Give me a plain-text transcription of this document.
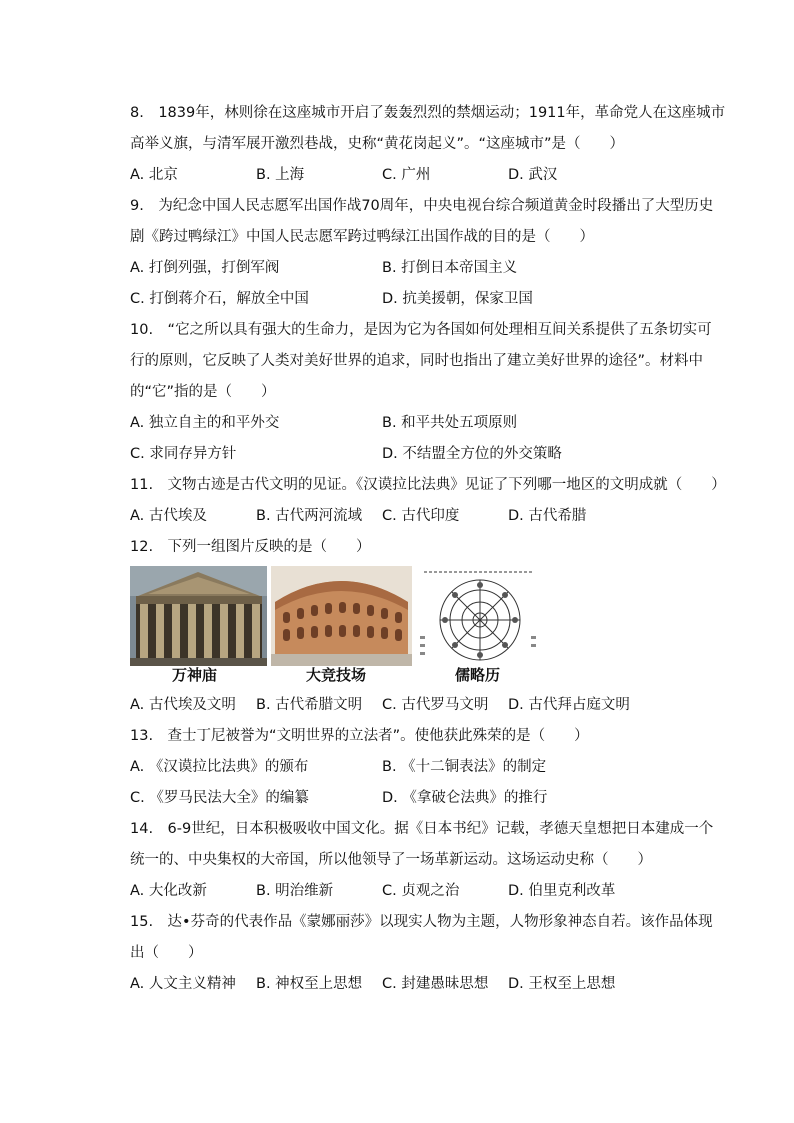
8.　1839年，林则徐在这座城市开启了轰轰烈烈的禁烟运动；1911年，革命党人在这座城市
高举义旗，与清军展开激烈巷战，史称“黄花岗起义”。“这座城市”是（　　）
A. 北京	B. 上海	C. 广州	D. 武汉
9.　为纪念中国人民志愿军出国作战70周年，中央电视台综合频道黄金时段播出了大型历史
剧《跨过鸭绿江》中国人民志愿军跨过鸭绿江出国作战的目的是（　　）
A. 打倒列强，打倒军阀	B. 打倒日本帝国主义
C. 打倒蒋介石，解放全中国	D. 抗美援朝，保家卫国
10.　“它之所以具有强大的生命力，是因为它为各国如何处理相互间关系提供了五条切实可
行的原则，它反映了人类对美好世界的追求，同时也指出了建立美好世界的途径”。材料中
的“它”指的是（　　）
A. 独立自主的和平外交	B. 和平共处五项原则
C. 求同存异方针	D. 不结盟全方位的外交策略
11.　文物古迹是古代文明的见证。《汉谟拉比法典》见证了下列哪一地区的文明成就（　　）
A. 古代埃及	B. 古代两河流域 C. 古代印度	D. 古代希腊
12.　下列一组图片反映的是（　　）
万神庙	大竞技场	儒略历
A. 古代埃及文明 B. 古代希腊文明 C. 古代罗马文明 D. 古代拜占庭文明
13.　查士丁尼被誉为“文明世界的立法者”。使他获此殊荣的是（　　）
A. 《汉谟拉比法典》的颁布	B. 《十二铜表法》的制定
C. 《罗马民法大全》的编纂	D. 《拿破仑法典》的推行
14.　6-9世纪，日本积极吸收中国文化。据《日本书纪》记载，孝德天皇想把日本建成一个
统一的、中央集权的大帝国，所以他领导了一场革新运动。这场运动史称（　　）
A. 大化改新	B. 明治维新	C. 贞观之治	D. 伯里克利改革
15.　达•芬奇的代表作品《蒙娜丽莎》以现实人物为主题，人物形象神态自若。该作品体现
出（　　）
A. 人文主义精神 B. 神权至上思想 C. 封建愚昧思想 D. 王权至上思想
